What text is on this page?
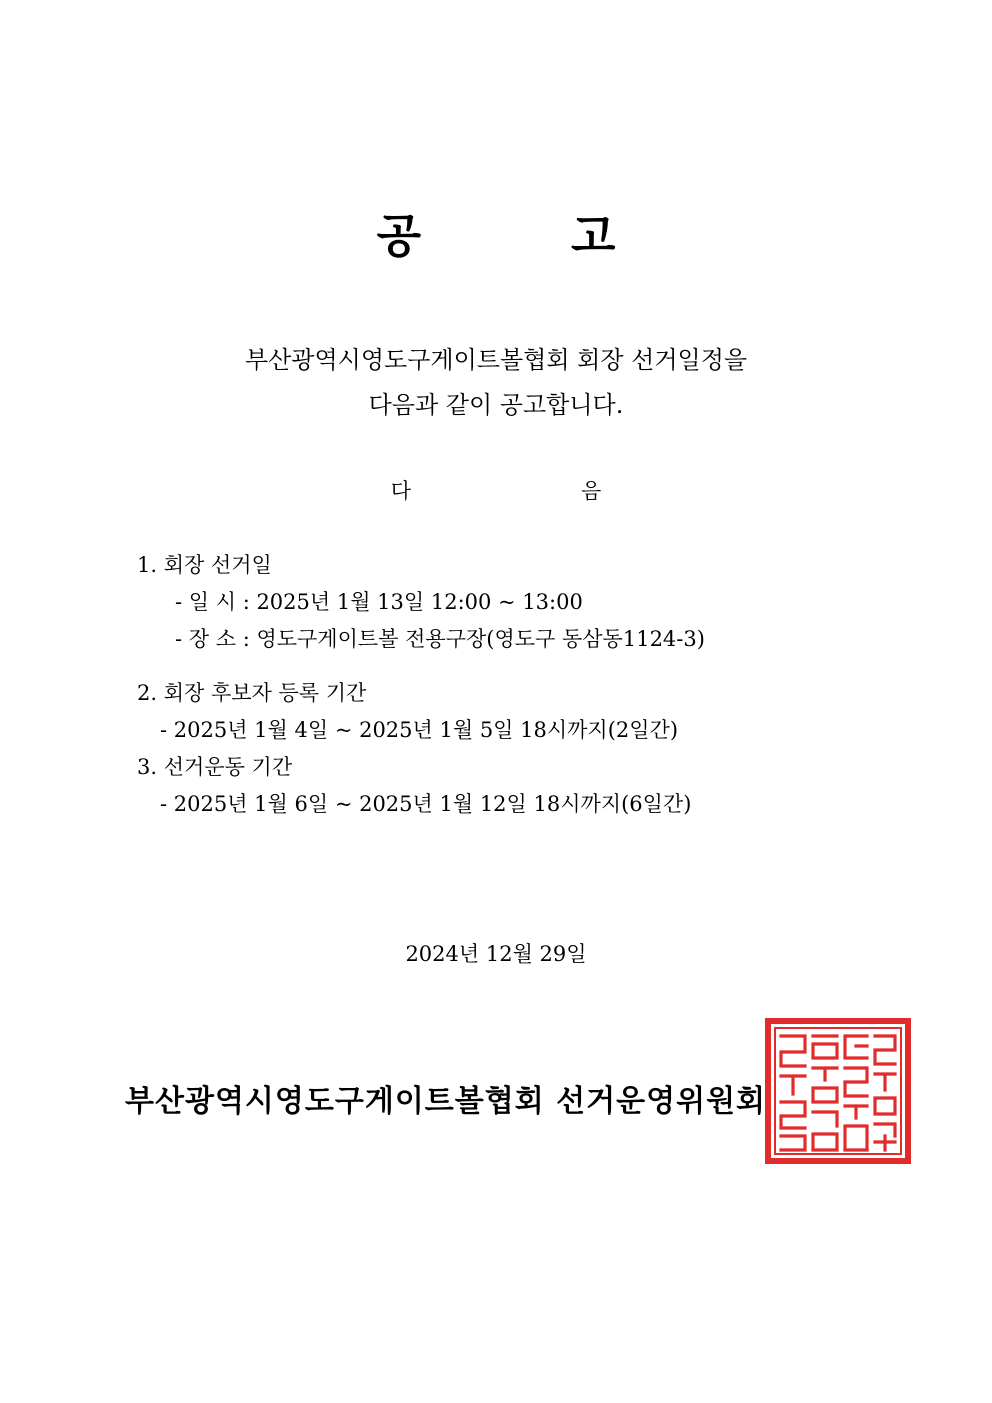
공	고
부산광역시영도구게이트볼협회 회장 선거일정을
다음과 같이 공고합니다.
다	음
1. 회장 선거일
- 일 시 : 2025년 1월 13일 12:00 ~ 13:00
- 장 소 : 영도구게이트볼 전용구장(영도구 동삼동1124-3)
2. 회장 후보자 등록 기간
- 2025년 1월 4일 ~ 2025년 1월 5일 18시까지(2일간)
3. 선거운동 기간
- 2025년 1월 6일 ~ 2025년 1월 12일 18시까지(6일간)
2024년 12월 29일
부산광역시영도구게이트볼협회 선거운영위원회
